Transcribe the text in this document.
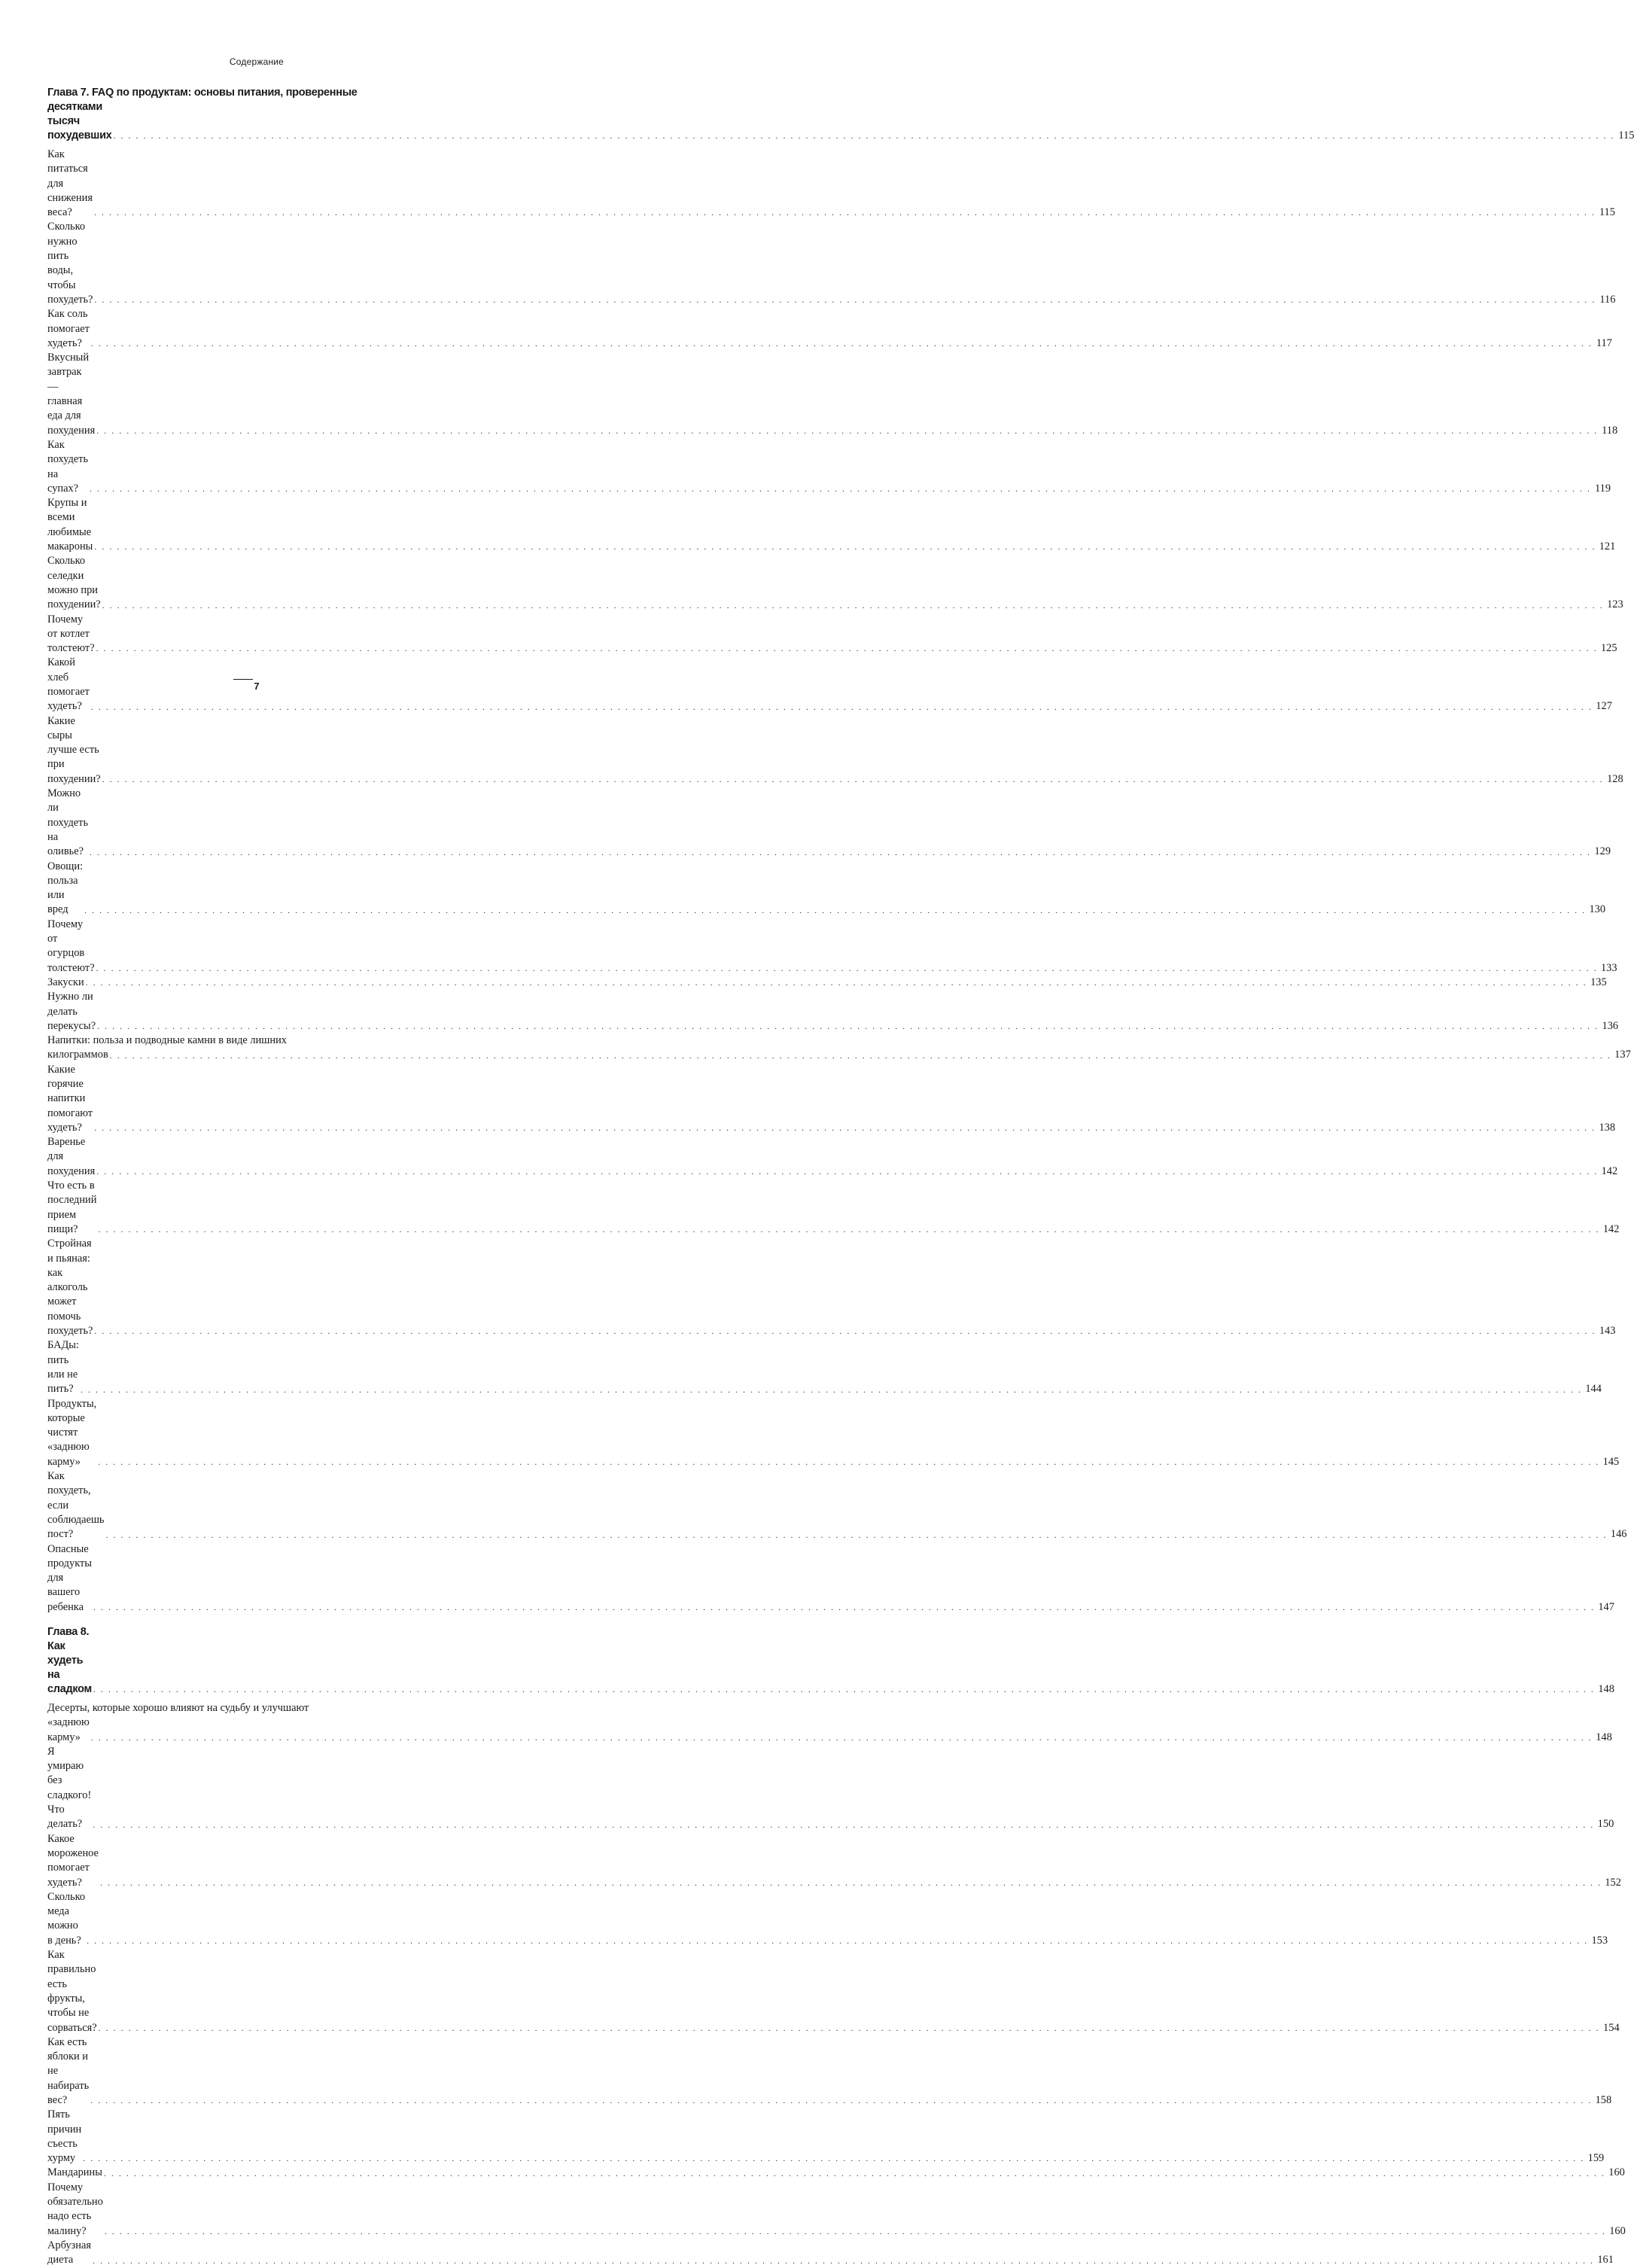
Содержание
Глава 7. FAQ по продуктам: основы питания, проверенные
десятками тысяч похудевших . . . . . . . . . . . . . . . . . . . . . . . . . . . . . . . . . . . . . . . . . . . . . . . . . . . . . . . . . . . . . . . . . . . . . . . . . . . . . . . . . . . . . . . . . . . . . . . . . . . . . . . . . . . . . . . . . . . . . . . . . . . . . . . . . . . . . . . . . . . . . . . . . . . . . . . . . . . . . . . . . . . . . . . . . . . . . . . . . . . . . . . . . . . . . . . . . . . . . . . . 115
Как питаться для снижения веса?	. . . . . . . . . . . . . . . . . . . . . . . . . . . . . . . . . . . . . . . . . . . . . . . . . . . . . . . . . . . . . . . . . . . . . . . . . . . . . . . . . . . . . . . . . . . . . . . . . . . . . . . . . . . . . . . . . . . . . . . . . . . . . . . . . . . . . . . . . . . . . . . . . . . . . . . . . . . . . . . . . . . . . . . . . . . . . . . . . . . . . . . . . . . . . . . . . . . . . . . . 115
Сколько нужно пить воды, чтобы похудеть? . . . . . . . . . . . . . . . . . . . . . . . . . . . . . . . . . . . . . . . . . . . . . . . . . . . . . . . . . . . . . . . . . . . . . . . . . . . . . . . . . . . . . . . . . . . . . . . . . . . . . . . . . . . . . . . . . . . . . . . . . . . . . . . . . . . . . . . . . . . . . . . . . . . . . . . . . . . . . . . . . . . . . . . . . . . . . . . . . . . . . . . . . . . . . . . . . . . . . . . . 116
Как соль помогает худеть?	. . . . . . . . . . . . . . . . . . . . . . . . . . . . . . . . . . . . . . . . . . . . . . . . . . . . . . . . . . . . . . . . . . . . . . . . . . . . . . . . . . . . . . . . . . . . . . . . . . . . . . . . . . . . . . . . . . . . . . . . . . . . . . . . . . . . . . . . . . . . . . . . . . . . . . . . . . . . . . . . . . . . . . . . . . . . . . . . . . . . . . . . . . . . . . . . . . . . . . . . 117
Вкусный завтрак — главная еда для похудения . . . . . . . . . . . . . . . . . . . . . . . . . . . . . . . . . . . . . . . . . . . . . . . . . . . . . . . . . . . . . . . . . . . . . . . . . . . . . . . . . . . . . . . . . . . . . . . . . . . . . . . . . . . . . . . . . . . . . . . . . . . . . . . . . . . . . . . . . . . . . . . . . . . . . . . . . . . . . . . . . . . . . . . . . . . . . . . . . . . . . . . . . . . . . . . . . . . . . . . . 118
Как похудеть на супах?	. . . . . . . . . . . . . . . . . . . . . . . . . . . . . . . . . . . . . . . . . . . . . . . . . . . . . . . . . . . . . . . . . . . . . . . . . . . . . . . . . . . . . . . . . . . . . . . . . . . . . . . . . . . . . . . . . . . . . . . . . . . . . . . . . . . . . . . . . . . . . . . . . . . . . . . . . . . . . . . . . . . . . . . . . . . . . . . . . . . . . . . . . . . . . . . . . . . . . . . . 119
Крупы и всеми любимые макароны . . . . . . . . . . . . . . . . . . . . . . . . . . . . . . . . . . . . . . . . . . . . . . . . . . . . . . . . . . . . . . . . . . . . . . . . . . . . . . . . . . . . . . . . . . . . . . . . . . . . . . . . . . . . . . . . . . . . . . . . . . . . . . . . . . . . . . . . . . . . . . . . . . . . . . . . . . . . . . . . . . . . . . . . . . . . . . . . . . . . . . . . . . . . . . . . . . . . . . . . 121
Сколько селедки можно при похудении? . . . . . . . . . . . . . . . . . . . . . . . . . . . . . . . . . . . . . . . . . . . . . . . . . . . . . . . . . . . . . . . . . . . . . . . . . . . . . . . . . . . . . . . . . . . . . . . . . . . . . . . . . . . . . . . . . . . . . . . . . . . . . . . . . . . . . . . . . . . . . . . . . . . . . . . . . . . . . . . . . . . . . . . . . . . . . . . . . . . . . . . . . . . . . . . . . . . . . . . . 123
Почему от котлет толстеют? . . . . . . . . . . . . . . . . . . . . . . . . . . . . . . . . . . . . . . . . . . . . . . . . . . . . . . . . . . . . . . . . . . . . . . . . . . . . . . . . . . . . . . . . . . . . . . . . . . . . . . . . . . . . . . . . . . . . . . . . . . . . . . . . . . . . . . . . . . . . . . . . . . . . . . . . . . . . . . . . . . . . . . . . . . . . . . . . . . . . . . . . . . . . . . . . . . . . . . . . 125
Какой хлеб помогает худеть?	. . . . . . . . . . . . . . . . . . . . . . . . . . . . . . . . . . . . . . . . . . . . . . . . . . . . . . . . . . . . . . . . . . . . . . . . . . . . . . . . . . . . . . . . . . . . . . . . . . . . . . . . . . . . . . . . . . . . . . . . . . . . . . . . . . . . . . . . . . . . . . . . . . . . . . . . . . . . . . . . . . . . . . . . . . . . . . . . . . . . . . . . . . . . . . . . . . . . . . . . 127
Какие сыры лучше есть при похудении? . . . . . . . . . . . . . . . . . . . . . . . . . . . . . . . . . . . . . . . . . . . . . . . . . . . . . . . . . . . . . . . . . . . . . . . . . . . . . . . . . . . . . . . . . . . . . . . . . . . . . . . . . . . . . . . . . . . . . . . . . . . . . . . . . . . . . . . . . . . . . . . . . . . . . . . . . . . . . . . . . . . . . . . . . . . . . . . . . . . . . . . . . . . . . . . . . . . . . . . . 128
Можно ли похудеть на оливье? . . . . . . . . . . . . . . . . . . . . . . . . . . . . . . . . . . . . . . . . . . . . . . . . . . . . . . . . . . . . . . . . . . . . . . . . . . . . . . . . . . . . . . . . . . . . . . . . . . . . . . . . . . . . . . . . . . . . . . . . . . . . . . . . . . . . . . . . . . . . . . . . . . . . . . . . . . . . . . . . . . . . . . . . . . . . . . . . . . . . . . . . . . . . . . . . . . . . . . . . 129
Овощи: польза или вред	. . . . . . . . . . . . . . . . . . . . . . . . . . . . . . . . . . . . . . . . . . . . . . . . . . . . . . . . . . . . . . . . . . . . . . . . . . . . . . . . . . . . . . . . . . . . . . . . . . . . . . . . . . . . . . . . . . . . . . . . . . . . . . . . . . . . . . . . . . . . . . . . . . . . . . . . . . . . . . . . . . . . . . . . . . . . . . . . . . . . . . . . . . . . . . . . . . . . . . . . 130
Почему от огурцов толстеют? . . . . . . . . . . . . . . . . . . . . . . . . . . . . . . . . . . . . . . . . . . . . . . . . . . . . . . . . . . . . . . . . . . . . . . . . . . . . . . . . . . . . . . . . . . . . . . . . . . . . . . . . . . . . . . . . . . . . . . . . . . . . . . . . . . . . . . . . . . . . . . . . . . . . . . . . . . . . . . . . . . . . . . . . . . . . . . . . . . . . . . . . . . . . . . . . . . . . . . . . 133
Закуски . . . . . . . . . . . . . . . . . . . . . . . . . . . . . . . . . . . . . . . . . . . . . . . . . . . . . . . . . . . . . . . . . . . . . . . . . . . . . . . . . . . . . . . . . . . . . . . . . . . . . . . . . . . . . . . . . . . . . . . . . . . . . . . . . . . . . . . . . . . . . . . . . . . . . . . . . . . . . . . . . . . . . . . . . . . . . . . . . . . . . . . . . . . . . . . . . . . . . . . . 135
Нужно ли делать перекусы? . . . . . . . . . . . . . . . . . . . . . . . . . . . . . . . . . . . . . . . . . . . . . . . . . . . . . . . . . . . . . . . . . . . . . . . . . . . . . . . . . . . . . . . . . . . . . . . . . . . . . . . . . . . . . . . . . . . . . . . . . . . . . . . . . . . . . . . . . . . . . . . . . . . . . . . . . . . . . . . . . . . . . . . . . . . . . . . . . . . . . . . . . . . . . . . . . . . . . . . . 136
Напитки: польза и подводные камни в виде лишних
килограммов . . . . . . . . . . . . . . . . . . . . . . . . . . . . . . . . . . . . . . . . . . . . . . . . . . . . . . . . . . . . . . . . . . . . . . . . . . . . . . . . . . . . . . . . . . . . . . . . . . . . . . . . . . . . . . . . . . . . . . . . . . . . . . . . . . . . . . . . . . . . . . . . . . . . . . . . . . . . . . . . . . . . . . . . . . . . . . . . . . . . . . . . . . . . . . . . . . . . . . . . 137
Какие горячие напитки помогают худеть?	. . . . . . . . . . . . . . . . . . . . . . . . . . . . . . . . . . . . . . . . . . . . . . . . . . . . . . . . . . . . . . . . . . . . . . . . . . . . . . . . . . . . . . . . . . . . . . . . . . . . . . . . . . . . . . . . . . . . . . . . . . . . . . . . . . . . . . . . . . . . . . . . . . . . . . . . . . . . . . . . . . . . . . . . . . . . . . . . . . . . . . . . . . . . . . . . . . . . . . . . 138
Варенье для похудения . . . . . . . . . . . . . . . . . . . . . . . . . . . . . . . . . . . . . . . . . . . . . . . . . . . . . . . . . . . . . . . . . . . . . . . . . . . . . . . . . . . . . . . . . . . . . . . . . . . . . . . . . . . . . . . . . . . . . . . . . . . . . . . . . . . . . . . . . . . . . . . . . . . . . . . . . . . . . . . . . . . . . . . . . . . . . . . . . . . . . . . . . . . . . . . . . . . . . . . . 142
Что есть в последний прием пищи?	. . . . . . . . . . . . . . . . . . . . . . . . . . . . . . . . . . . . . . . . . . . . . . . . . . . . . . . . . . . . . . . . . . . . . . . . . . . . . . . . . . . . . . . . . . . . . . . . . . . . . . . . . . . . . . . . . . . . . . . . . . . . . . . . . . . . . . . . . . . . . . . . . . . . . . . . . . . . . . . . . . . . . . . . . . . . . . . . . . . . . . . . . . . . . . . . . . . . . . . . 142
Стройная и пьяная: как алкоголь может помочь похудеть? . . . . . . . . . . . . . . . . . . . . . . . . . . . . . . . . . . . . . . . . . . . . . . . . . . . . . . . . . . . . . . . . . . . . . . . . . . . . . . . . . . . . . . . . . . . . . . . . . . . . . . . . . . . . . . . . . . . . . . . . . . . . . . . . . . . . . . . . . . . . . . . . . . . . . . . . . . . . . . . . . . . . . . . . . . . . . . . . . . . . . . . . . . . . . . . . . . . . . . . . 143
БАДы: пить или не пить? . . . . . . . . . . . . . . . . . . . . . . . . . . . . . . . . . . . . . . . . . . . . . . . . . . . . . . . . . . . . . . . . . . . . . . . . . . . . . . . . . . . . . . . . . . . . . . . . . . . . . . . . . . . . . . . . . . . . . . . . . . . . . . . . . . . . . . . . . . . . . . . . . . . . . . . . . . . . . . . . . . . . . . . . . . . . . . . . . . . . . . . . . . . . . . . . . . . . . . . . 144
Продукты, которые чистят «заднюю карму»	. . . . . . . . . . . . . . . . . . . . . . . . . . . . . . . . . . . . . . . . . . . . . . . . . . . . . . . . . . . . . . . . . . . . . . . . . . . . . . . . . . . . . . . . . . . . . . . . . . . . . . . . . . . . . . . . . . . . . . . . . . . . . . . . . . . . . . . . . . . . . . . . . . . . . . . . . . . . . . . . . . . . . . . . . . . . . . . . . . . . . . . . . . . . . . . . . . . . . . . . 145
Как похудеть, если соблюдаешь пост?	. . . . . . . . . . . . . . . . . . . . . . . . . . . . . . . . . . . . . . . . . . . . . . . . . . . . . . . . . . . . . . . . . . . . . . . . . . . . . . . . . . . . . . . . . . . . . . . . . . . . . . . . . . . . . . . . . . . . . . . . . . . . . . . . . . . . . . . . . . . . . . . . . . . . . . . . . . . . . . . . . . . . . . . . . . . . . . . . . . . . . . . . . . . . . . . . . . . . . . . . 146
Опасные продукты для вашего ребенка	. . . . . . . . . . . . . . . . . . . . . . . . . . . . . . . . . . . . . . . . . . . . . . . . . . . . . . . . . . . . . . . . . . . . . . . . . . . . . . . . . . . . . . . . . . . . . . . . . . . . . . . . . . . . . . . . . . . . . . . . . . . . . . . . . . . . . . . . . . . . . . . . . . . . . . . . . . . . . . . . . . . . . . . . . . . . . . . . . . . . . . . . . . . . . . . . . . . . . . . . 147
Глава 8. Как худеть на сладком . . . . . . . . . . . . . . . . . . . . . . . . . . . . . . . . . . . . . . . . . . . . . . . . . . . . . . . . . . . . . . . . . . . . . . . . . . . . . . . . . . . . . . . . . . . . . . . . . . . . . . . . . . . . . . . . . . . . . . . . . . . . . . . . . . . . . . . . . . . . . . . . . . . . . . . . . . . . . . . . . . . . . . . . . . . . . . . . . . . . . . . . . . . . . . . . . . . . . . . . 148
Десерты, которые хорошо влияют на судьбу и улучшают
«заднюю карму»	. . . . . . . . . . . . . . . . . . . . . . . . . . . . . . . . . . . . . . . . . . . . . . . . . . . . . . . . . . . . . . . . . . . . . . . . . . . . . . . . . . . . . . . . . . . . . . . . . . . . . . . . . . . . . . . . . . . . . . . . . . . . . . . . . . . . . . . . . . . . . . . . . . . . . . . . . . . . . . . . . . . . . . . . . . . . . . . . . . . . . . . . . . . . . . . . . . . . . . . . 148
Я умираю без сладкого! Что делать?	. . . . . . . . . . . . . . . . . . . . . . . . . . . . . . . . . . . . . . . . . . . . . . . . . . . . . . . . . . . . . . . . . . . . . . . . . . . . . . . . . . . . . . . . . . . . . . . . . . . . . . . . . . . . . . . . . . . . . . . . . . . . . . . . . . . . . . . . . . . . . . . . . . . . . . . . . . . . . . . . . . . . . . . . . . . . . . . . . . . . . . . . . . . . . . . . . . . . . . . . 150
Какое мороженое помогает худеть?	. . . . . . . . . . . . . . . . . . . . . . . . . . . . . . . . . . . . . . . . . . . . . . . . . . . . . . . . . . . . . . . . . . . . . . . . . . . . . . . . . . . . . . . . . . . . . . . . . . . . . . . . . . . . . . . . . . . . . . . . . . . . . . . . . . . . . . . . . . . . . . . . . . . . . . . . . . . . . . . . . . . . . . . . . . . . . . . . . . . . . . . . . . . . . . . . . . . . . . . . 152
Сколько меда можно в день? . . . . . . . . . . . . . . . . . . . . . . . . . . . . . . . . . . . . . . . . . . . . . . . . . . . . . . . . . . . . . . . . . . . . . . . . . . . . . . . . . . . . . . . . . . . . . . . . . . . . . . . . . . . . . . . . . . . . . . . . . . . . . . . . . . . . . . . . . . . . . . . . . . . . . . . . . . . . . . . . . . . . . . . . . . . . . . . . . . . . . . . . . . . . . . . . . . . . . . . . 153
Как правильно есть фрукты, чтобы не сорваться? . . . . . . . . . . . . . . . . . . . . . . . . . . . . . . . . . . . . . . . . . . . . . . . . . . . . . . . . . . . . . . . . . . . . . . . . . . . . . . . . . . . . . . . . . . . . . . . . . . . . . . . . . . . . . . . . . . . . . . . . . . . . . . . . . . . . . . . . . . . . . . . . . . . . . . . . . . . . . . . . . . . . . . . . . . . . . . . . . . . . . . . . . . . . . . . . . . . . . . . . 154
Как есть яблоки и не набирать вес?	. . . . . . . . . . . . . . . . . . . . . . . . . . . . . . . . . . . . . . . . . . . . . . . . . . . . . . . . . . . . . . . . . . . . . . . . . . . . . . . . . . . . . . . . . . . . . . . . . . . . . . . . . . . . . . . . . . . . . . . . . . . . . . . . . . . . . . . . . . . . . . . . . . . . . . . . . . . . . . . . . . . . . . . . . . . . . . . . . . . . . . . . . . . . . . . . . . . . . . . . 158
Пять причин съесть хурму . . . . . . . . . . . . . . . . . . . . . . . . . . . . . . . . . . . . . . . . . . . . . . . . . . . . . . . . . . . . . . . . . . . . . . . . . . . . . . . . . . . . . . . . . . . . . . . . . . . . . . . . . . . . . . . . . . . . . . . . . . . . . . . . . . . . . . . . . . . . . . . . . . . . . . . . . . . . . . . . . . . . . . . . . . . . . . . . . . . . . . . . . . . . . . . . . . . . . . . . 159
Мандарины . . . . . . . . . . . . . . . . . . . . . . . . . . . . . . . . . . . . . . . . . . . . . . . . . . . . . . . . . . . . . . . . . . . . . . . . . . . . . . . . . . . . . . . . . . . . . . . . . . . . . . . . . . . . . . . . . . . . . . . . . . . . . . . . . . . . . . . . . . . . . . . . . . . . . . . . . . . . . . . . . . . . . . . . . . . . . . . . . . . . . . . . . . . . . . . . . . . . . . . . 160
Почему обязательно надо есть малину?	. . . . . . . . . . . . . . . . . . . . . . . . . . . . . . . . . . . . . . . . . . . . . . . . . . . . . . . . . . . . . . . . . . . . . . . . . . . . . . . . . . . . . . . . . . . . . . . . . . . . . . . . . . . . . . . . . . . . . . . . . . . . . . . . . . . . . . . . . . . . . . . . . . . . . . . . . . . . . . . . . . . . . . . . . . . . . . . . . . . . . . . . . . . . . . . . . . . . . . . . 160
Арбузная диета	. . . . . . . . . . . . . . . . . . . . . . . . . . . . . . . . . . . . . . . . . . . . . . . . . . . . . . . . . . . . . . . . . . . . . . . . . . . . . . . . . . . . . . . . . . . . . . . . . . . . . . . . . . . . . . . . . . . . . . . . . . . . . . . . . . . . . . . . . . . . . . . . . . . . . . . . . . . . . . . . . . . . . . . . . . . . . . . . . . . . . . . . . . . . . . . . . . . . . . . . 161
7
